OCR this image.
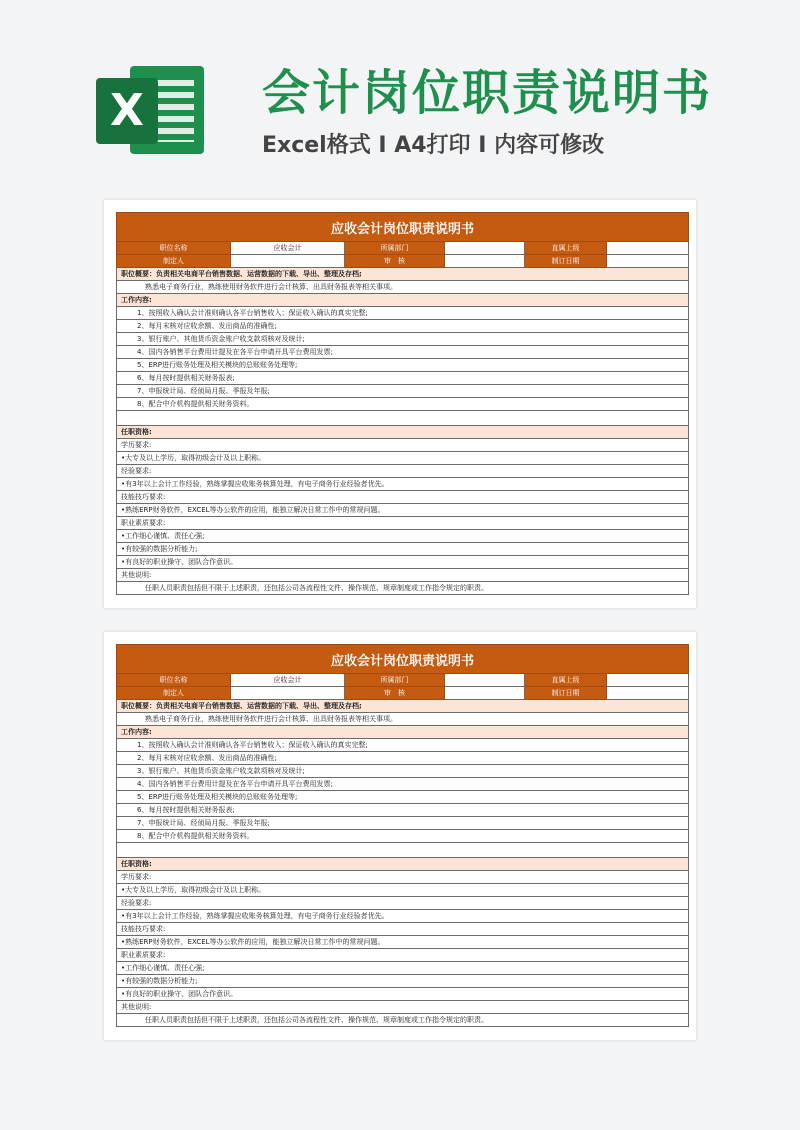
X 会计岗位职责说明书
Excel格式 I A4打印 I 内容可修改
应收会计岗位职责说明书					
职位名称	应收会计	所属部门		直属上级	
制定人		审　核		制订日期	
职位概要：负责相关电商平台销售数据、运营数据的下载、导出、整理及存档;					
熟悉电子商务行业，熟练使用财务软件进行会计核算、出具财务报表等相关事项。					
工作内容:					
1、按照收入确认会计准则确认各平台销售收入；保证收入确认的真实完整;					
2、每月末核对应收余额、发出商品的准确性;					
3、银行账户、其他货币资金账户收支款项核对及统计;					
4、国内各销售平台费用计提及在各平台申请开具平台费用发票;					
5、ERP进行账务处理及相关模块的总账账务处理等;					
6、每月按时提供相关财务报表;					
7、申报统计局、经侦局月报、季报及年报;					
8、配合中介机构提供相关财务资料。					

任职资格:					
学历要求:					
•大专及以上学历，取得初级会计及以上职称。					
经验要求:					
•有3年以上会计工作经验，熟练掌握应收账务核算处理，有电子商务行业经验者优先。					
技能技巧要求:					
•熟练ERP财务软件，EXCEL等办公软件的应用，能独立解决日常工作中的常规问题。					
职业素质要求:					
•工作细心谨慎、责任心强;					
•有较强的数据分析能力;					
•有良好的职业操守、团队合作意识。					
其他说明:					
任职人员职责包括但不限于上述职责，还包括公司各流程性文件、操作规范、规章制度或工作指令规定的职责。					
应收会计岗位职责说明书					
职位名称	应收会计	所属部门		直属上级	
制定人		审　核		制订日期	
职位概要：负责相关电商平台销售数据、运营数据的下载、导出、整理及存档;					
熟悉电子商务行业，熟练使用财务软件进行会计核算、出具财务报表等相关事项。					
工作内容:					
1、按照收入确认会计准则确认各平台销售收入；保证收入确认的真实完整;					
2、每月末核对应收余额、发出商品的准确性;					
3、银行账户、其他货币资金账户收支款项核对及统计;					
4、国内各销售平台费用计提及在各平台申请开具平台费用发票;					
5、ERP进行账务处理及相关模块的总账账务处理等;					
6、每月按时提供相关财务报表;					
7、申报统计局、经侦局月报、季报及年报;					
8、配合中介机构提供相关财务资料。					

任职资格:					
学历要求:					
•大专及以上学历，取得初级会计及以上职称。					
经验要求:					
•有3年以上会计工作经验，熟练掌握应收账务核算处理，有电子商务行业经验者优先。					
技能技巧要求:					
•熟练ERP财务软件，EXCEL等办公软件的应用，能独立解决日常工作中的常规问题。					
职业素质要求:					
•工作细心谨慎、责任心强;					
•有较强的数据分析能力;					
•有良好的职业操守、团队合作意识。					
其他说明:					
任职人员职责包括但不限于上述职责，还包括公司各流程性文件、操作规范、规章制度或工作指令规定的职责。					
